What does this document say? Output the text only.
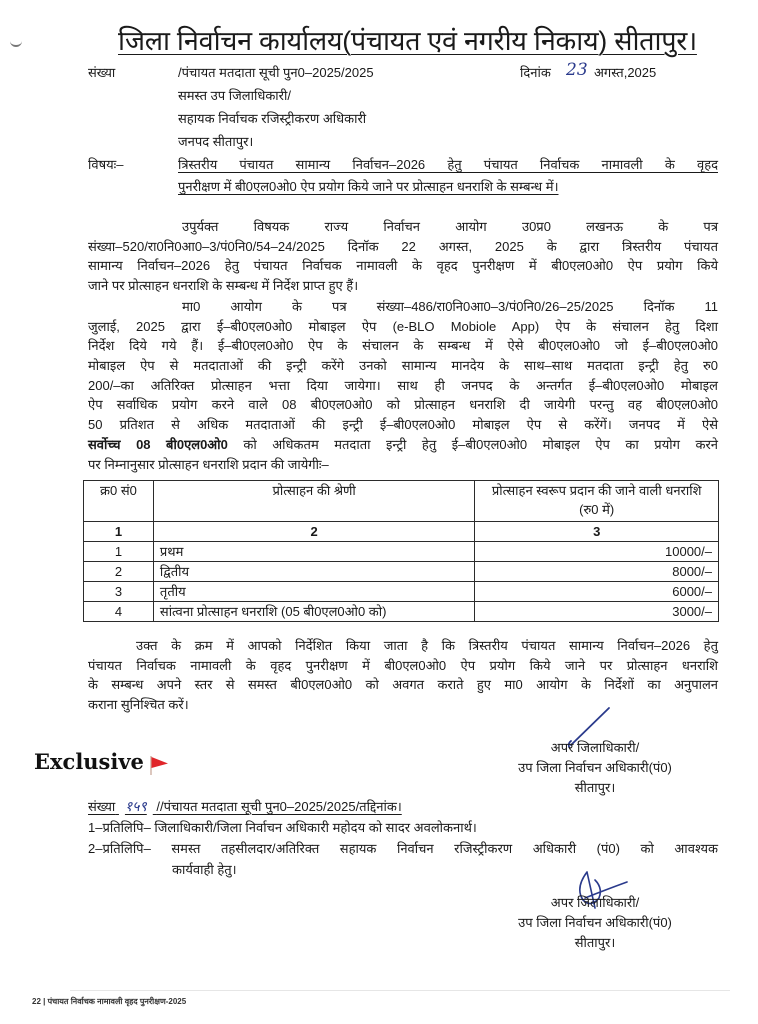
जिला निर्वाचन कार्यालय(पंचायत एवं नगरीय निकाय) सीतापुर।
संख्या	/पंचायत मतदाता सूची पुन0–2025/2025	दिनांक 23 अगस्त,2025
समस्त उप जिलाधिकारी/
सहायक निर्वाचक रजिस्ट्रीकरण अधिकारी
जनपद सीतापुर।
विषयः–	त्रिस्तरीय पंचायत सामान्य निर्वाचन–2026 हेतु पंचायत निर्वाचक नामावली के वृहद
पुनरीक्षण में बी0एल0ओ0 ऐप प्रयोग किये जाने पर प्रोत्साहन धनराशि के सम्बन्ध में।
उपुर्यक्त विषयक राज्य निर्वाचन आयोग उ0प्र0 लखनऊ के पत्र
संख्या–520/रा0नि0आ0–3/पं0नि0/54–24/2025 दिनॉक 22 अगस्त, 2025 के द्वारा त्रिस्तरीय पंचायत
सामान्य निर्वाचन–2026 हेतु पंचायत निर्वाचक नामावली के वृहद पुनरीक्षण में बी0एल0ओ0 ऐप प्रयोग किये
जाने पर प्रोत्साहन धनराशि के सम्बन्ध में निर्देश प्राप्त हुए हैं।
मा0 आयोग के पत्र संख्या–486/रा0नि0आ0–3/पं0नि0/26–25/2025 दिनॉक 11
जुलाई, 2025 द्वारा ई–बी0एल0ओ0 मोबाइल ऐप (e-BLO Mobiole App) ऐप के संचालन हेतु दिशा
निर्देश दिये गये हैं। ई–बी0एल0ओ0 ऐप के संचालन के सम्बन्ध में ऐसे बी0एल0ओ0 जो ई–बी0एल0ओ0
मोबाइल ऐप से मतदाताओं की इन्ट्री करेंगे उनको सामान्य मानदेय के साथ–साथ मतदाता इन्ट्री हेतु रु0
200/–का अतिरिक्त प्रोत्साहन भत्ता दिया जायेगा। साथ ही जनपद के अन्तर्गत ई–बी0एल0ओ0 मोबाइल
ऐप सर्वाधिक प्रयोग करने वाले 08 बी0एल0ओ0 को प्रोत्साहन धनराशि दी जायेगी परन्तु वह बी0एल0ओ0
50 प्रतिशत से अधिक मतदाताओं की इन्ट्री ई–बी0एल0ओ0 मोबाइल ऐप से करेंगें। जनपद में ऐसे
सर्वोच्च 08 बी0एल0ओ0 को अधिकतम मतदाता इन्ट्री हेतु ई–बी0एल0ओ0 मोबाइल ऐप का प्रयोग करने
पर निम्नानुसार प्रोत्साहन धनराशि प्रदान की जायेगीः–
क्र0 सं0	प्रोत्साहन की श्रेणी	प्रोत्साहन स्वरूप प्रदान की जाने वाली धनराशि (रु0 में)
1	2	3
1	प्रथम	10000/–
2	द्वितीय	8000/–
3	तृतीय	6000/–
4	सांत्वना प्रोत्साहन धनराशि (05 बी0एल0ओ0 को)	3000/–
उक्त के क्रम में आपको निर्देशित किया जाता है कि त्रिस्तरीय पंचायत सामान्य निर्वाचन–2026 हेतु
पंचायत निर्वाचक नामावली के वृहद पुनरीक्षण में बी0एल0ओ0 ऐप प्रयोग किये जाने पर प्रोत्साहन धनराशि
के सम्बन्ध अपने स्तर से समस्त बी0एल0ओ0 को अवगत कराते हुए मा0 आयोग के निर्देशों का अनुपालन
कराना सुनिश्चित करें।
अपर जिलाधिकारी/
उप जिला निर्वाचन अधिकारी(पं0)
सीतापुर।
Exclusive
संख्या १५९ //पंचायत मतदाता सूची पुन0–2025/2025/तद्दिनांक।
1–प्रतिलिपि– जिलाधिकारी/जिला निर्वाचन अधिकारी महोदय को सादर अवलोकनार्थ।
2–प्रतिलिपि– समस्त तहसीलदार/अतिरिक्त सहायक निर्वाचन रजिस्ट्रीकरण अधिकारी (पं0) को आवश्यक
कार्यवाही हेतु।
अपर जिलाधिकारी/
उप जिला निर्वाचन अधिकारी(पं0)
सीतापुर।
22 | पंचायत निर्वाचक नामावली वृहद पुनरीक्षण-2025
